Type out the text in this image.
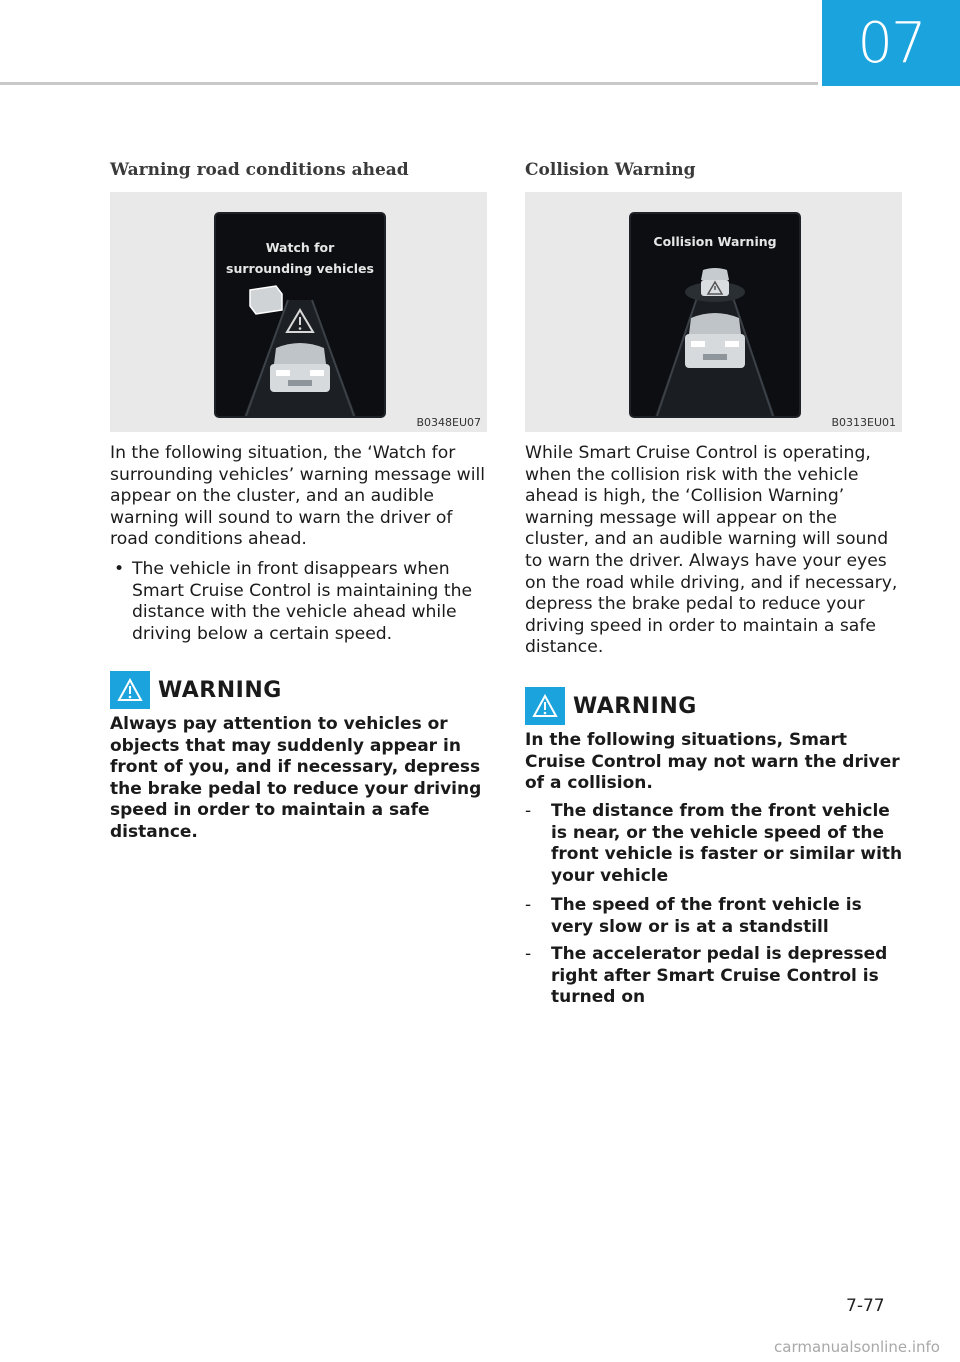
07
Warning road conditions ahead
Watch for
surrounding vehicles
B0348EU07
In the following situation, the ‘Watch for surrounding vehicles’ warning message will appear on the cluster, and an audible warning will sound to warn the driver of road conditions ahead.
• The vehicle in front disappears when Smart Cruise Control is maintaining the distance with the vehicle ahead while driving below a certain speed.
WARNING
Always pay attention to vehicles or objects that may suddenly appear in front of you, and if necessary, depress the brake pedal to reduce your driving speed in order to maintain a safe distance.
Collision Warning
Collision Warning
B0313EU01
While Smart Cruise Control is operating, when the collision risk with the vehicle ahead is high, the ‘Collision Warning’ warning message will appear on the cluster, and an audible warning will sound to warn the driver. Always have your eyes on the road while driving, and if necessary, depress the brake pedal to reduce your driving speed in order to maintain a safe distance.
WARNING
In the following situations, Smart Cruise Control may not warn the driver of a collision.
- The distance from the front vehicle is near, or the vehicle speed of the front vehicle is faster or similar with your vehicle
- The speed of the front vehicle is very slow or is at a standstill
- The accelerator pedal is depressed right after Smart Cruise Control is turned on
7-77
carmanualsonline.info
